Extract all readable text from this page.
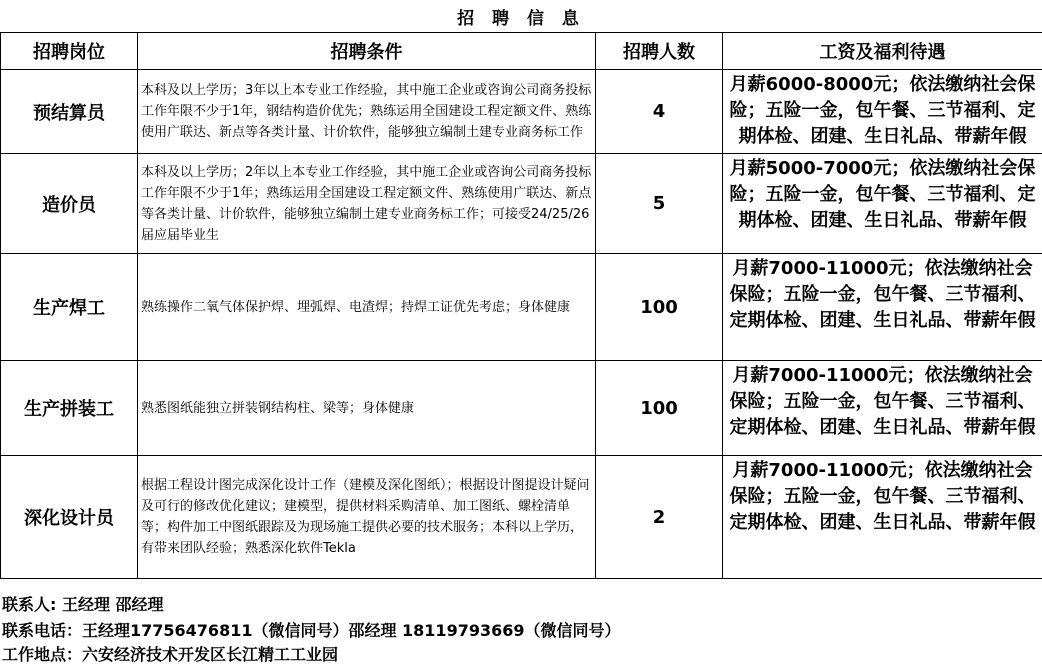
招 聘 信 息
招聘岗位	招聘条件	招聘人数	工资及福利待遇
预结算员	本科及以上学历；3年以上本专业工作经验，其中施工企业或咨询公司商务投标工作年限不少于1年，钢结构造价优先；熟练运用全国建设工程定额文件、熟练使用广联达、新点等各类计量、计价软件，能够独立编制土建专业商务标工作	4	月薪6000-8000元；依法缴纳社会保险；五险一金，包午餐、三节福利、定期体检、团建、生日礼品、带薪年假

造价员	本科及以上学历；2年以上本专业工作经验，其中施工企业或咨询公司商务投标工作年限不少于1年；熟练运用全国建设工程定额文件、熟练使用广联达、新点等各类计量、计价软件，能够独立编制土建专业商务标工作；可接受24/25/26届应届毕业生	5	月薪5000-7000元；依法缴纳社会保险；五险一金，包午餐、三节福利、定期体检、团建、生日礼品、带薪年假

生产焊工	熟练操作二氧气体保护焊、埋弧焊、电渣焊；持焊工证优先考虑；身体健康	100	月薪7000-11000元；依法缴纳社会保险；五险一金，包午餐、三节福利、定期体检、团建、生日礼品、带薪年假

生产拼装工	熟悉图纸能独立拼装钢结构柱、梁等；身体健康	100	月薪7000-11000元；依法缴纳社会保险；五险一金，包午餐、三节福利、定期体检、团建、生日礼品、带薪年假

深化设计员	根据工程设计图完成深化设计工作（建模及深化图纸）；根据设计图提设计疑问及可行的修改优化建议；建模型，提供材料采购清单、加工图纸、螺栓清单等；构件加工中图纸跟踪及为现场施工提供必要的技术服务；本科以上学历，有带来团队经验；熟悉深化软件Tekla	2	月薪7000-11000元；依法缴纳社会保险；五险一金，包午餐、三节福利、定期体检、团建、生日礼品、带薪年假
联系人: 王经理 邵经理
联系电话：王经理17756476811（微信同号）邵经理 18119793669（微信同号）
工作地点：六安经济技术开发区长江精工工业园
